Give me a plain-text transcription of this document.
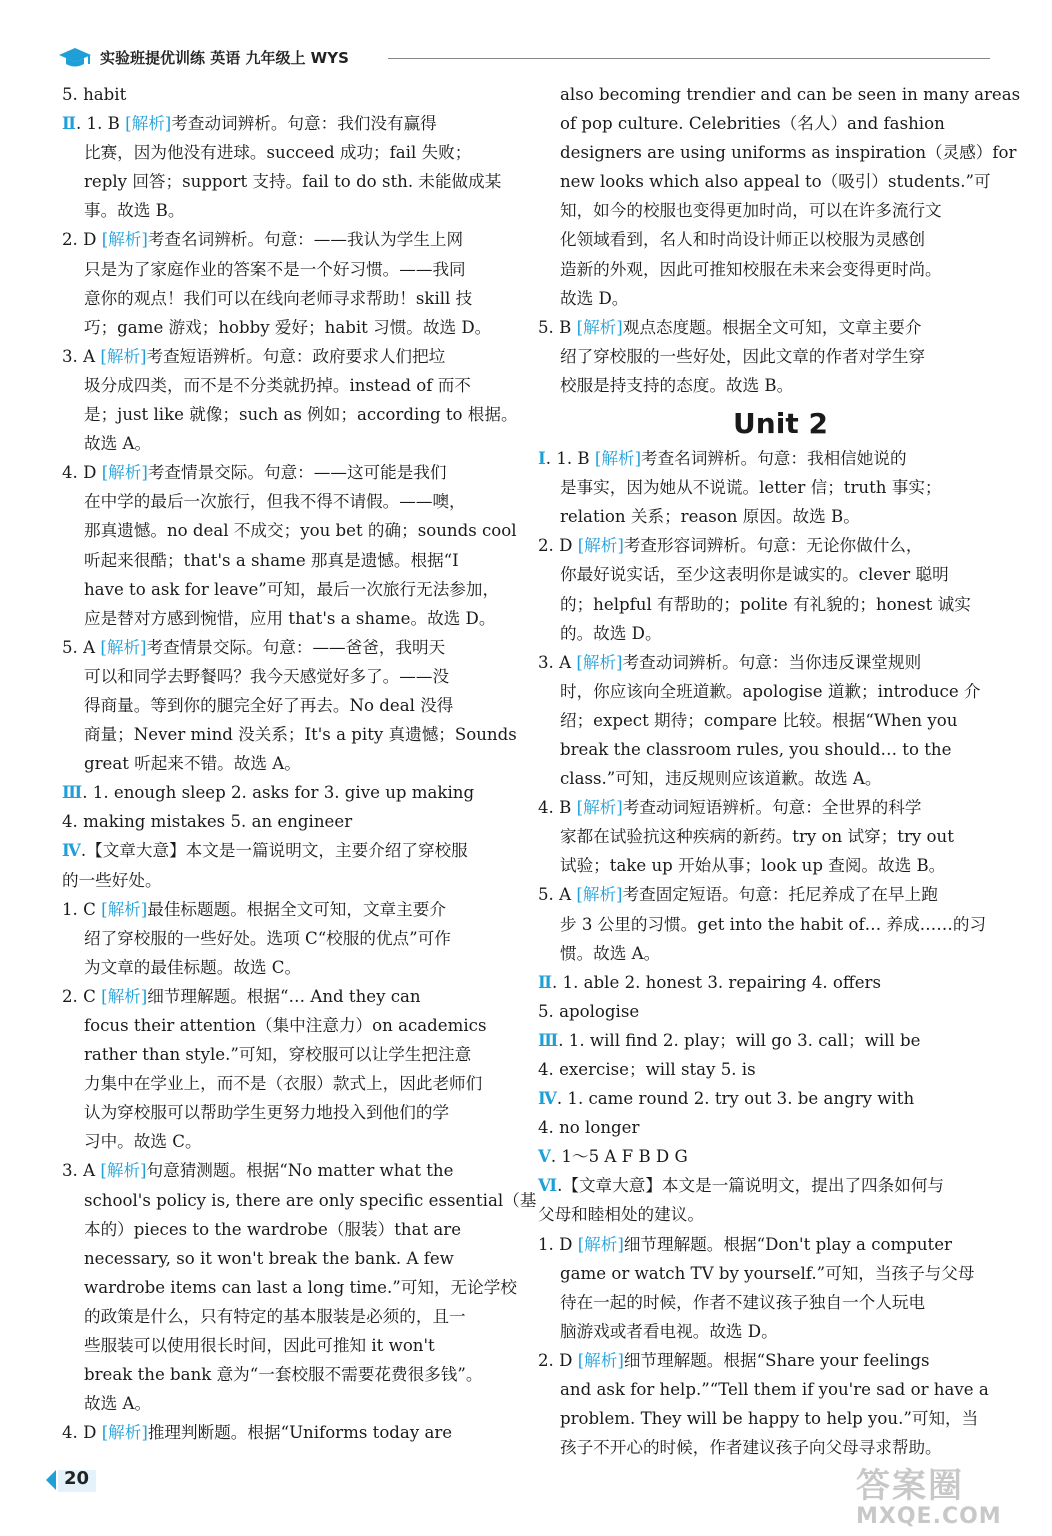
实验班提优训练 英语 九年级上 WYS
5. habit
Ⅱ. 1. B [解析]考查动词辨析。句意：我们没有赢得
比赛，因为他没有进球。succeed 成功；fail 失败；
reply 回答；support 支持。fail to do sth. 未能做成某
事。故选 B。
2. D [解析]考查名词辨析。句意：——我认为学生上网
只是为了家庭作业的答案不是一个好习惯。——我同
意你的观点！我们可以在线向老师寻求帮助！skill 技
巧；game 游戏；hobby 爱好；habit 习惯。故选 D。
3. A [解析]考查短语辨析。句意：政府要求人们把垃
圾分成四类，而不是不分类就扔掉。instead of 而不
是；just like 就像；such as 例如；according to 根据。
故选 A。
4. D [解析]考查情景交际。句意：——这可能是我们
在中学的最后一次旅行，但我不得不请假。——噢，
那真遗憾。no deal 不成交；you bet 的确；sounds cool
听起来很酷；that's a shame 那真是遗憾。根据“I
have to ask for leave”可知，最后一次旅行无法参加，
应是替对方感到惋惜，应用 that's a shame。故选 D。
5. A [解析]考查情景交际。句意：——爸爸，我明天
可以和同学去野餐吗？我今天感觉好多了。——没
得商量。等到你的腿完全好了再去。No deal 没得
商量；Never mind 没关系；It's a pity 真遗憾；Sounds
great 听起来不错。故选 A。
Ⅲ. 1. enough sleep 2. asks for 3. give up making
4. making mistakes 5. an engineer
Ⅳ.【文章大意】本文是一篇说明文，主要介绍了穿校服
的一些好处。
1. C [解析]最佳标题题。根据全文可知，文章主要介
绍了穿校服的一些好处。选项 C“校服的优点”可作
为文章的最佳标题。故选 C。
2. C [解析]细节理解题。根据“… And they can
focus their attention（集中注意力）on academics
rather than style.”可知，穿校服可以让学生把注意
力集中在学业上，而不是（衣服）款式上，因此老师们
认为穿校服可以帮助学生更努力地投入到他们的学
习中。故选 C。
3. A [解析]句意猜测题。根据“No matter what the
school's policy is, there are only specific essential（基
本的）pieces to the wardrobe（服装）that are
necessary, so it won't break the bank. A few
wardrobe items can last a long time.”可知，无论学校
的政策是什么，只有特定的基本服装是必须的，且一
些服装可以使用很长时间，因此可推知 it won't
break the bank 意为“一套校服不需要花费很多钱”。
故选 A。
4. D [解析]推理判断题。根据“Uniforms today are
also becoming trendier and can be seen in many areas
of pop culture. Celebrities（名人）and fashion
designers are using uniforms as inspiration（灵感）for
new looks which also appeal to（吸引）students.”可
知，如今的校服也变得更加时尚，可以在许多流行文
化领域看到，名人和时尚设计师正以校服为灵感创
造新的外观，因此可推知校服在未来会变得更时尚。
故选 D。
5. B [解析]观点态度题。根据全文可知，文章主要介
绍了穿校服的一些好处，因此文章的作者对学生穿
校服是持支持的态度。故选 B。
Unit 2
Ⅰ. 1. B [解析]考查名词辨析。句意：我相信她说的
是事实，因为她从不说谎。letter 信；truth 事实；
relation 关系；reason 原因。故选 B。
2. D [解析]考查形容词辨析。句意：无论你做什么，
你最好说实话，至少这表明你是诚实的。clever 聪明
的；helpful 有帮助的；polite 有礼貌的；honest 诚实
的。故选 D。
3. A [解析]考查动词辨析。句意：当你违反课堂规则
时，你应该向全班道歉。apologise 道歉；introduce 介
绍；expect 期待；compare 比较。根据“When you
break the classroom rules, you should… to the
class.”可知，违反规则应该道歉。故选 A。
4. B [解析]考查动词短语辨析。句意：全世界的科学
家都在试验抗这种疾病的新药。try on 试穿；try out
试验；take up 开始从事；look up 查阅。故选 B。
5. A [解析]考查固定短语。句意：托尼养成了在早上跑
步 3 公里的习惯。get into the habit of… 养成……的习
惯。故选 A。
Ⅱ. 1. able 2. honest 3. repairing 4. offers
5. apologise
Ⅲ. 1. will find 2. play；will go 3. call；will be
4. exercise；will stay 5. is
Ⅳ. 1. came round 2. try out 3. be angry with
4. no longer
Ⅴ. 1～5 A F B D G
Ⅵ.【文章大意】本文是一篇说明文，提出了四条如何与
父母和睦相处的建议。
1. D [解析]细节理解题。根据“Don't play a computer
game or watch TV by yourself.”可知，当孩子与父母
待在一起的时候，作者不建议孩子独自一个人玩电
脑游戏或者看电视。故选 D。
2. D [解析]细节理解题。根据“Share your feelings
and ask for help.”“Tell them if you're sad or have a
problem. They will be happy to help you.”可知，当
孩子不开心的时候，作者建议孩子向父母寻求帮助。
20	答案圈
MXQE.COM
